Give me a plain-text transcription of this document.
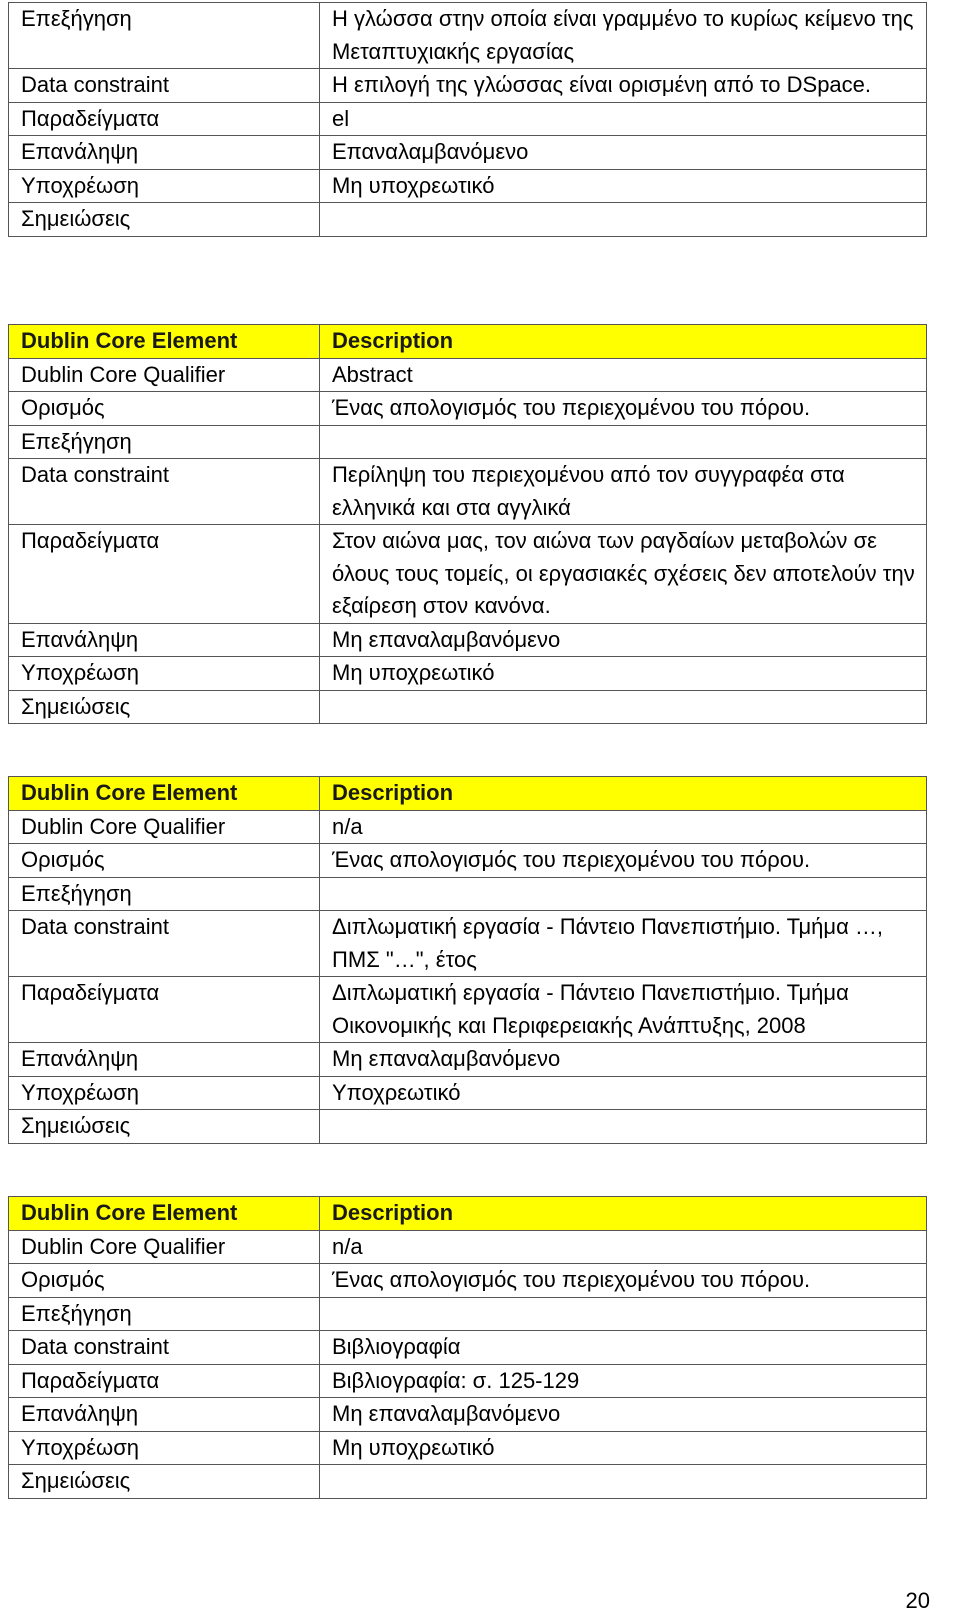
Επεξήγηση	Η γλώσσα στην οποία είναι γραμμένο το κυρίως κείμενο της Μεταπτυχιακής εργασίας
Data constraint	Η επιλογή της γλώσσας είναι ορισμένη από το DSpace.
Παραδείγματα	el
Επανάληψη	Επαναλαμβανόμενο
Υποχρέωση	Μη υποχρεωτικό
Σημειώσεις	
Dublin Core Element	Description
Dublin Core Qualifier	Abstract
Ορισμός	Ένας απολογισμός του περιεχομένου του πόρου.
Επεξήγηση	
Data constraint	Περίληψη του περιεχομένου από τον συγγραφέα στα ελληνικά και στα αγγλικά
Παραδείγματα	Στον αιώνα μας, τον αιώνα των ραγδαίων μεταβολών σε όλους τους τομείς, οι εργασιακές σχέσεις δεν αποτελούν την εξαίρεση στον κανόνα.
Επανάληψη	Μη επαναλαμβανόμενο
Υποχρέωση	Μη υποχρεωτικό
Σημειώσεις	
Dublin Core Element	Description
Dublin Core Qualifier	n/a
Ορισμός	Ένας απολογισμός του περιεχομένου του πόρου.
Επεξήγηση	
Data constraint	Διπλωματική εργασία - Πάντειο Πανεπιστήμιο. Τμήμα …, ΠΜΣ "…", έτος
Παραδείγματα	Διπλωματική εργασία - Πάντειο Πανεπιστήμιο. Τμήμα Οικονομικής και Περιφερειακής Ανάπτυξης, 2008
Επανάληψη	Μη επαναλαμβανόμενο
Υποχρέωση	Υποχρεωτικό
Σημειώσεις	
Dublin Core Element	Description
Dublin Core Qualifier	n/a
Ορισμός	Ένας απολογισμός του περιεχομένου του πόρου.
Επεξήγηση	
Data constraint	Βιβλιογραφία
Παραδείγματα	Βιβλιογραφία: σ. 125-129
Επανάληψη	Μη επαναλαμβανόμενο
Υποχρέωση	Μη υποχρεωτικό
Σημειώσεις	
20
